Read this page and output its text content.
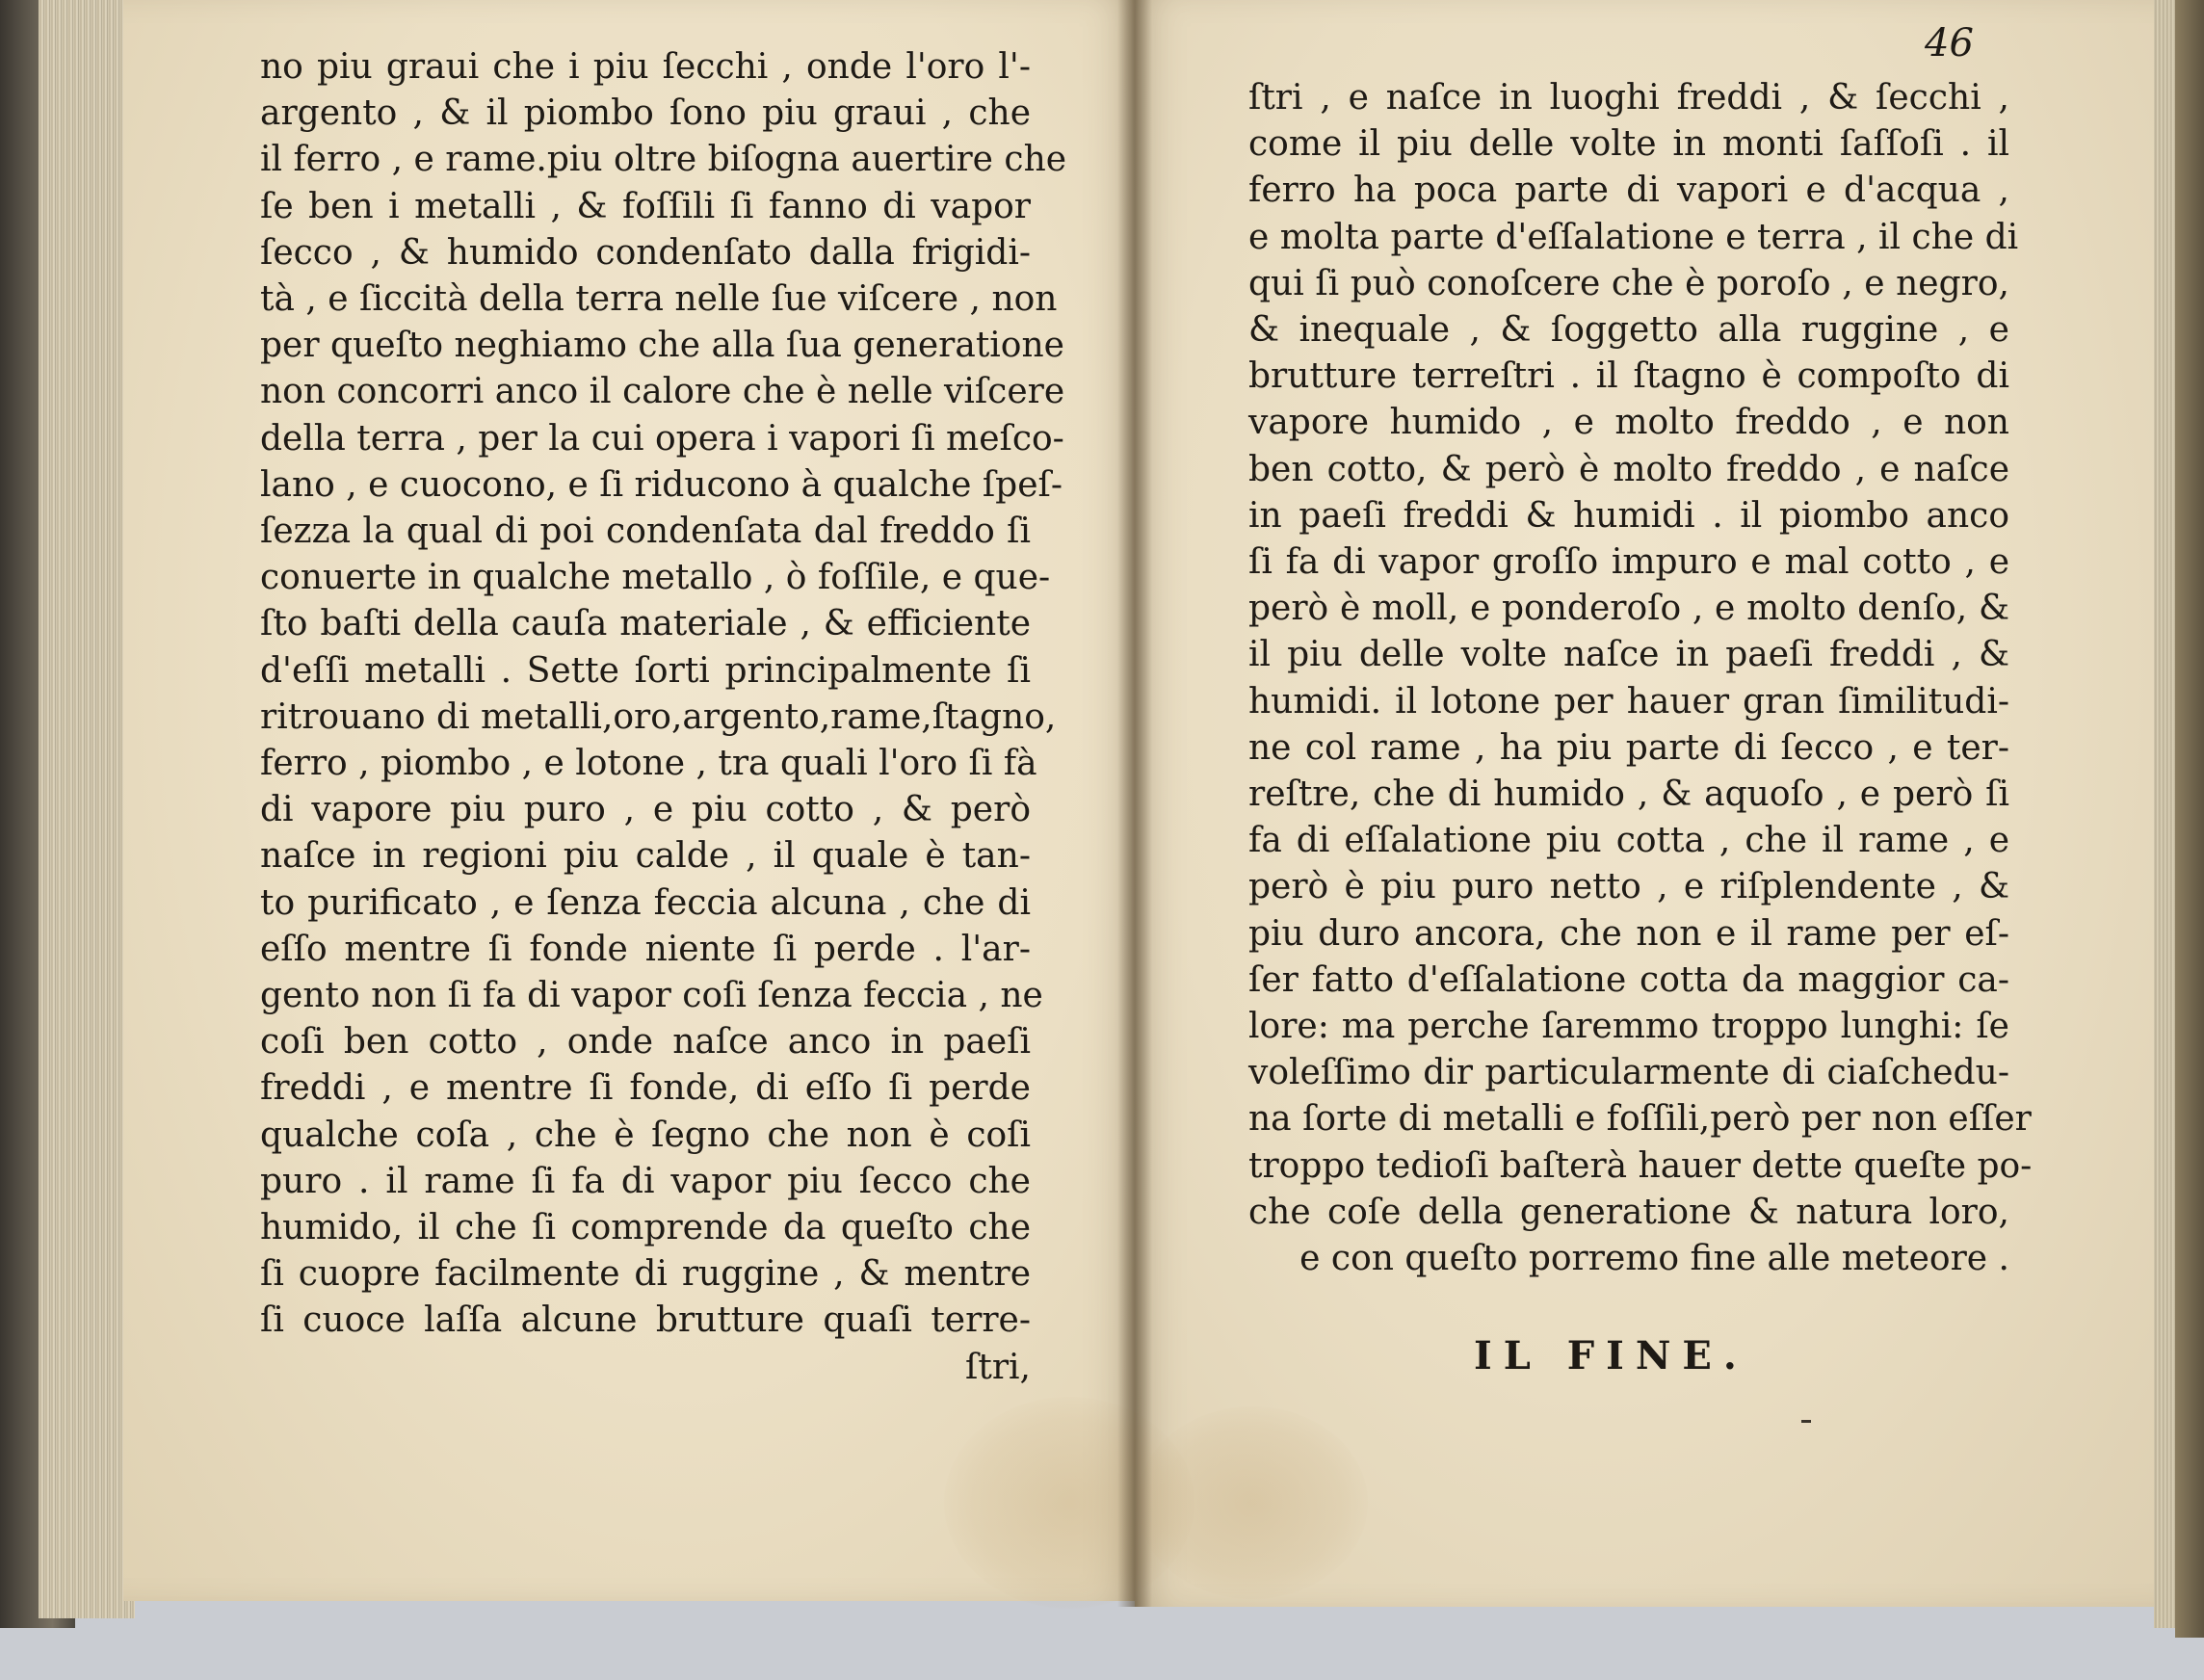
no piu graui che i piu ſecchi , onde l'oro l'-
argento , & il piombo ſono piu graui , che
il ferro , e rame.piu oltre biſogna auertire che
ſe ben i metalli , & foſſili ſi fanno di vapor
ſecco , & humido condenſato dalla frigidi-
tà , e ſiccità della terra nelle ſue viſcere , non
per queſto neghiamo che alla ſua generatione
non concorri anco il calore che è nelle viſcere
della terra , per la cui opera i vapori ſi meſco-
lano , e cuocono, e ſi riducono à qualche ſpeſ-
ſezza la qual di poi condenſata dal freddo ſi
conuerte in qualche metallo , ò foſſile, e que-
ſto baſti della cauſa materiale , & efficiente
d'eſſi metalli . Sette ſorti principalmente ſi
ritrouano di metalli,oro,argento,rame,ſtagno,
ferro , piombo , e lotone , tra quali l'oro ſi fà
di vapore piu puro , e piu cotto , & però
naſce in regioni piu calde , il quale è tan-
to purificato , e ſenza feccia alcuna , che di
eſſo mentre ſi fonde niente ſi perde . l'ar-
gento non ſi fa di vapor coſi ſenza feccia , ne
coſi ben cotto , onde naſce anco in paeſi
freddi , e mentre ſi fonde, di eſſo ſi perde
qualche coſa , che è ſegno che non è coſi
puro . il rame ſi fa di vapor piu ſecco che
humido, il che ſi comprende da queſto che
ſi cuopre facilmente di ruggine , & mentre
ſi cuoce laſſa alcune brutture quaſi terre-
ſtri,
46
ſtri , e naſce in luoghi freddi , & ſecchi ,
come il piu delle volte in monti ſaſſoſi . il
ferro ha poca parte di vapori e d'acqua ,
e molta parte d'eſſalatione e terra , il che di
qui ſi può conoſcere che è poroſo , e negro,
& inequale , & ſoggetto alla ruggine , e
brutture terreſtri . il ſtagno è compoſto di
vapore humido , e molto freddo , e non
ben cotto, & però è molto freddo , e naſce
in paeſi freddi & humidi . il piombo anco
ſi fa di vapor groſſo impuro e mal cotto , e
però è moll, e ponderoſo , e molto denſo, &
il piu delle volte naſce in paeſi freddi , &
humidi. il lotone per hauer gran ſimilitudi-
ne col rame , ha piu parte di ſecco , e ter-
reſtre, che di humido , & aquoſo , e però ſi
fa di eſſalatione piu cotta , che il rame , e
però è piu puro netto , e riſplendente , &
piu duro ancora, che non e il rame per eſ-
ſer fatto d'eſſalatione cotta da maggior ca-
lore: ma perche ſaremmo troppo lunghi: ſe
voleſſimo dir particularmente di ciaſchedu-
na ſorte di metalli e foſſili,però per non eſſer
troppo tedioſi baſterà hauer dette queſte po-
che coſe della generatione & natura loro,
e con queſto porremo fine alle meteore .
IL FINE.
